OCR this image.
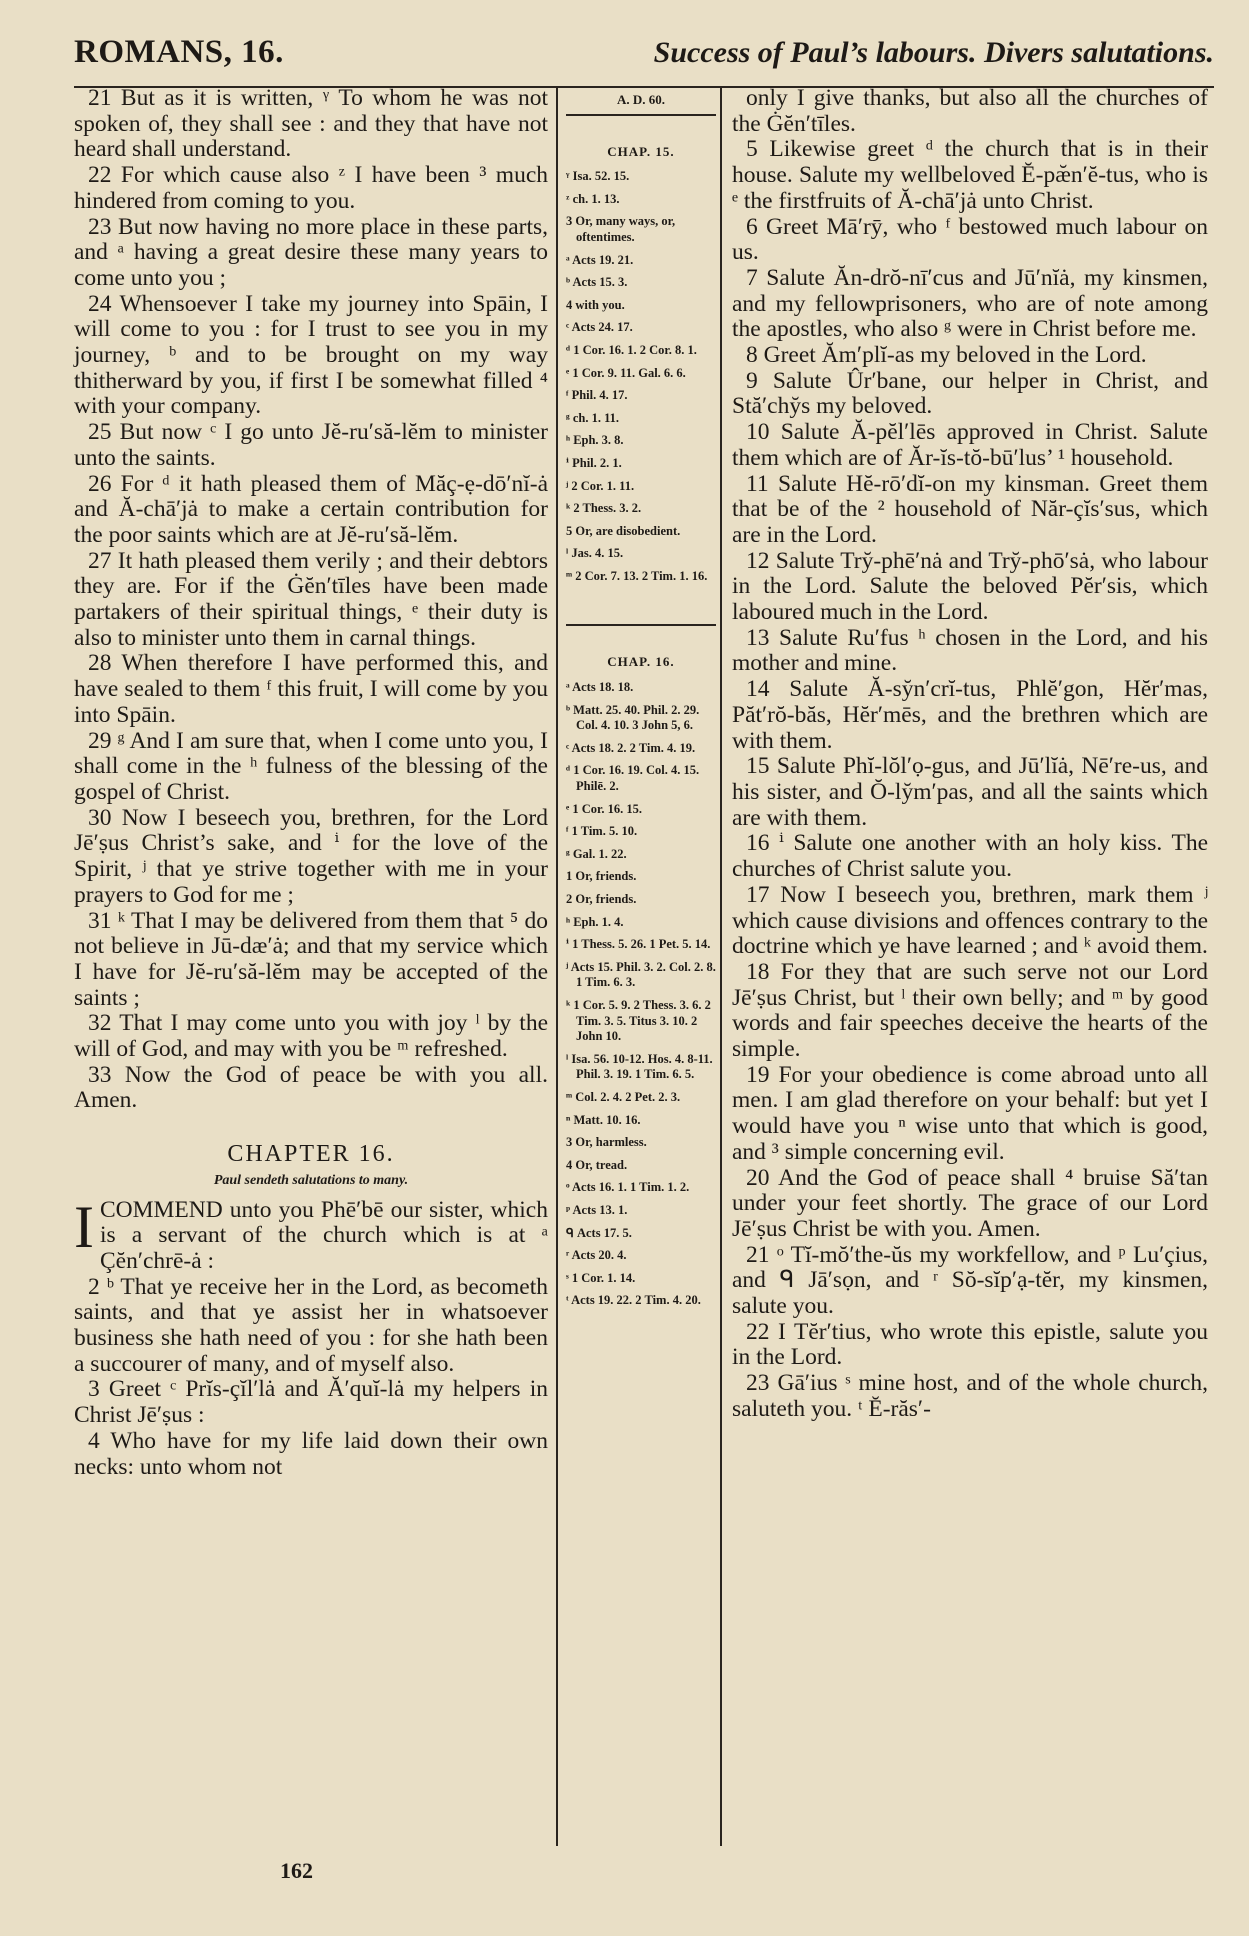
ROMANS, 16.	Success of Paul’s labours. Divers salutations.

21 But as it is written, ᵞ To whom he was not spoken of, they shall see : and they that have not heard shall understand.

22 For which cause also ᶻ I have been ³ much hindered from coming to you.

23 But now having no more place in these parts, and ᵃ having a great desire these many years to come unto you ;

24 Whensoever I take my journey into Spāin, I will come to you : for I trust to see you in my journey, ᵇ and to be brought on my way thitherward by you, if first I be somewhat filled ⁴ with your company.

25 But now ᶜ I go unto Jĕ-ru′să-lĕm to minister unto the saints.

26 For ᵈ it hath pleased them of Măç-ẹ-dō′nĭ-ȧ and Ă-chā′jȧ to make a certain contribution for the poor saints which are at Jĕ-ru′să-lĕm.

27 It hath pleased them verily ; and their debtors they are. For if the Ġĕn′tīles have been made partakers of their spiritual things, ᵉ their duty is also to minister unto them in carnal things.

28 When therefore I have performed this, and have sealed to them ᶠ this fruit, I will come by you into Spāin.

29 ᵍ And I am sure that, when I come unto you, I shall come in the ʰ fulness of the blessing of the gospel of Christ.

30 Now I beseech you, brethren, for the Lord Jē′ṣus Christ’s sake, and ⁱ for the love of the Spirit, ʲ that ye strive together with me in your prayers to God for me ;

31 ᵏ That I may be delivered from them that ⁵ do not believe in Jū-dæ′ȧ; and that my service which I have for Jĕ-ru′să-lĕm may be accepted of the saints ;

32 That I may come unto you with joy ˡ by the will of God, and may with you be ᵐ refreshed.

33 Now the God of peace be with you all. Amen.

CHAPTER 16.
Paul sendeth salutations to many.

I COMMEND unto you Phē′bē our sister, which is a servant of the church which is at ᵃ Çĕn′chrē-ȧ :

2 ᵇ That ye receive her in the Lord, as becometh saints, and that ye assist her in whatsoever business she hath need of you : for she hath been a succourer of many, and of myself also.

3 Greet ᶜ Prĭs-çĭl′lȧ and Ă′quĭ-lȧ my helpers in Christ Jē′ṣus :

4 Who have for my life laid down their own necks: unto whom not

A. D. 60.
CHAP. 15.

ᵞ Isa. 52. 15.

ᶻ ch. 1. 13.

3 Or, many ways, or, oftentimes.

ᵃ Acts 19. 21.

ᵇ Acts 15. 3.

4 with you.

ᶜ Acts 24. 17.

ᵈ 1 Cor. 16. 1. 2 Cor. 8. 1.

ᵉ 1 Cor. 9. 11. Gal. 6. 6.

ᶠ Phil. 4. 17.

ᵍ ch. 1. 11.

ʰ Eph. 3. 8.

ⁱ Phil. 2. 1.

ʲ 2 Cor. 1. 11.

ᵏ 2 Thess. 3. 2.

5 Or, are disobedient.

ˡ Jas. 4. 15.

ᵐ 2 Cor. 7. 13. 2 Tim. 1. 16.

CHAP. 16.

ᵃ Acts 18. 18.

ᵇ Matt. 25. 40. Phil. 2. 29. Col. 4. 10. 3 John 5, 6.

ᶜ Acts 18. 2. 2 Tim. 4. 19.

ᵈ 1 Cor. 16. 19. Col. 4. 15. Philē. 2.

ᵉ 1 Cor. 16. 15.

ᶠ 1 Tim. 5. 10.

ᵍ Gal. 1. 22.

1 Or, friends.

2 Or, friends.

ʰ Eph. 1. 4.

ⁱ 1 Thess. 5. 26. 1 Pet. 5. 14.

ʲ Acts 15. Phil. 3. 2. Col. 2. 8. 1 Tim. 6. 3.

ᵏ 1 Cor. 5. 9. 2 Thess. 3. 6. 2 Tim. 3. 5. Titus 3. 10. 2 John 10.

ˡ Isa. 56. 10-12. Hos. 4. 8-11. Phil. 3. 19. 1 Tim. 6. 5.

ᵐ Col. 2. 4. 2 Pet. 2. 3.

ⁿ Matt. 10. 16.

3 Or, harmless.

4 Or, tread.

ᵒ Acts 16. 1. 1 Tim. 1. 2.

ᵖ Acts 13. 1.

ᑫ Acts 17. 5.

ʳ Acts 20. 4.

ˢ 1 Cor. 1. 14.

ᵗ Acts 19. 22. 2 Tim. 4. 20.

only I give thanks, but also all the churches of the Ġĕn′tīles.

5 Likewise greet ᵈ the church that is in their house. Salute my wellbeloved Ĕ-pæ̆n′ĕ-tus, who is ᵉ the firstfruits of Ă-chā′jȧ unto Christ.

6 Greet Mā′rȳ, who ᶠ bestowed much labour on us.

7 Salute Ăn-drŏ-nī′cus and Jū′nĭȧ, my kinsmen, and my fellowprisoners, who are of note among the apostles, who also ᵍ were in Christ before me.

8 Greet Ăm′plĭ-as my beloved in the Lord.

9 Salute Ûr′bane, our helper in Christ, and Stă′chy̆s my beloved.

10 Salute Ă-pĕl′lēs approved in Christ. Salute them which are of Ăr-ĭs-tŏ-bū′lus’ ¹ household.

11 Salute Hĕ-rō′dĭ-on my kinsman. Greet them that be of the ² household of Năr-çĭs′sus, which are in the Lord.

12 Salute Try̆-phē′nȧ and Try̆-phō′sȧ, who labour in the Lord. Salute the beloved Pĕr′sis, which laboured much in the Lord.

13 Salute Ru′fus ʰ chosen in the Lord, and his mother and mine.

14 Salute Ă-sy̆n′crĭ-tus, Phlĕ′gon, Hĕr′mas, Păt′rŏ-băs, Hĕr′mēs, and the brethren which are with them.

15 Salute Phĭ-lŏl′ọ-gus, and Jū′lĭȧ, Nē′re-us, and his sister, and Ŏ-ly̆m′pas, and all the saints which are with them.

16 ⁱ Salute one another with an holy kiss. The churches of Christ salute you.

17 Now I beseech you, brethren, mark them ʲ which cause divisions and offences contrary to the doctrine which ye have learned ; and ᵏ avoid them.

18 For they that are such serve not our Lord Jē′ṣus Christ, but ˡ their own belly; and ᵐ by good words and fair speeches deceive the hearts of the simple.

19 For your obedience is come abroad unto all men. I am glad therefore on your behalf: but yet I would have you ⁿ wise unto that which is good, and ³ simple concerning evil.

20 And the God of peace shall ⁴ bruise Să′tan under your feet shortly. The grace of our Lord Jē′ṣus Christ be with you. Amen.

21 ᵒ Tĭ-mŏ′the-ŭs my workfellow, and ᵖ Lu′çius, and ᑫ Jā′sọn, and ʳ Sŏ-sĭp′ạ-tĕr, my kinsmen, salute you.

22 I Tĕr′tius, who wrote this epistle, salute you in the Lord.

23 Gā′ius ˢ mine host, and of the whole church, saluteth you. ᵗ Ĕ-răs′-

162
